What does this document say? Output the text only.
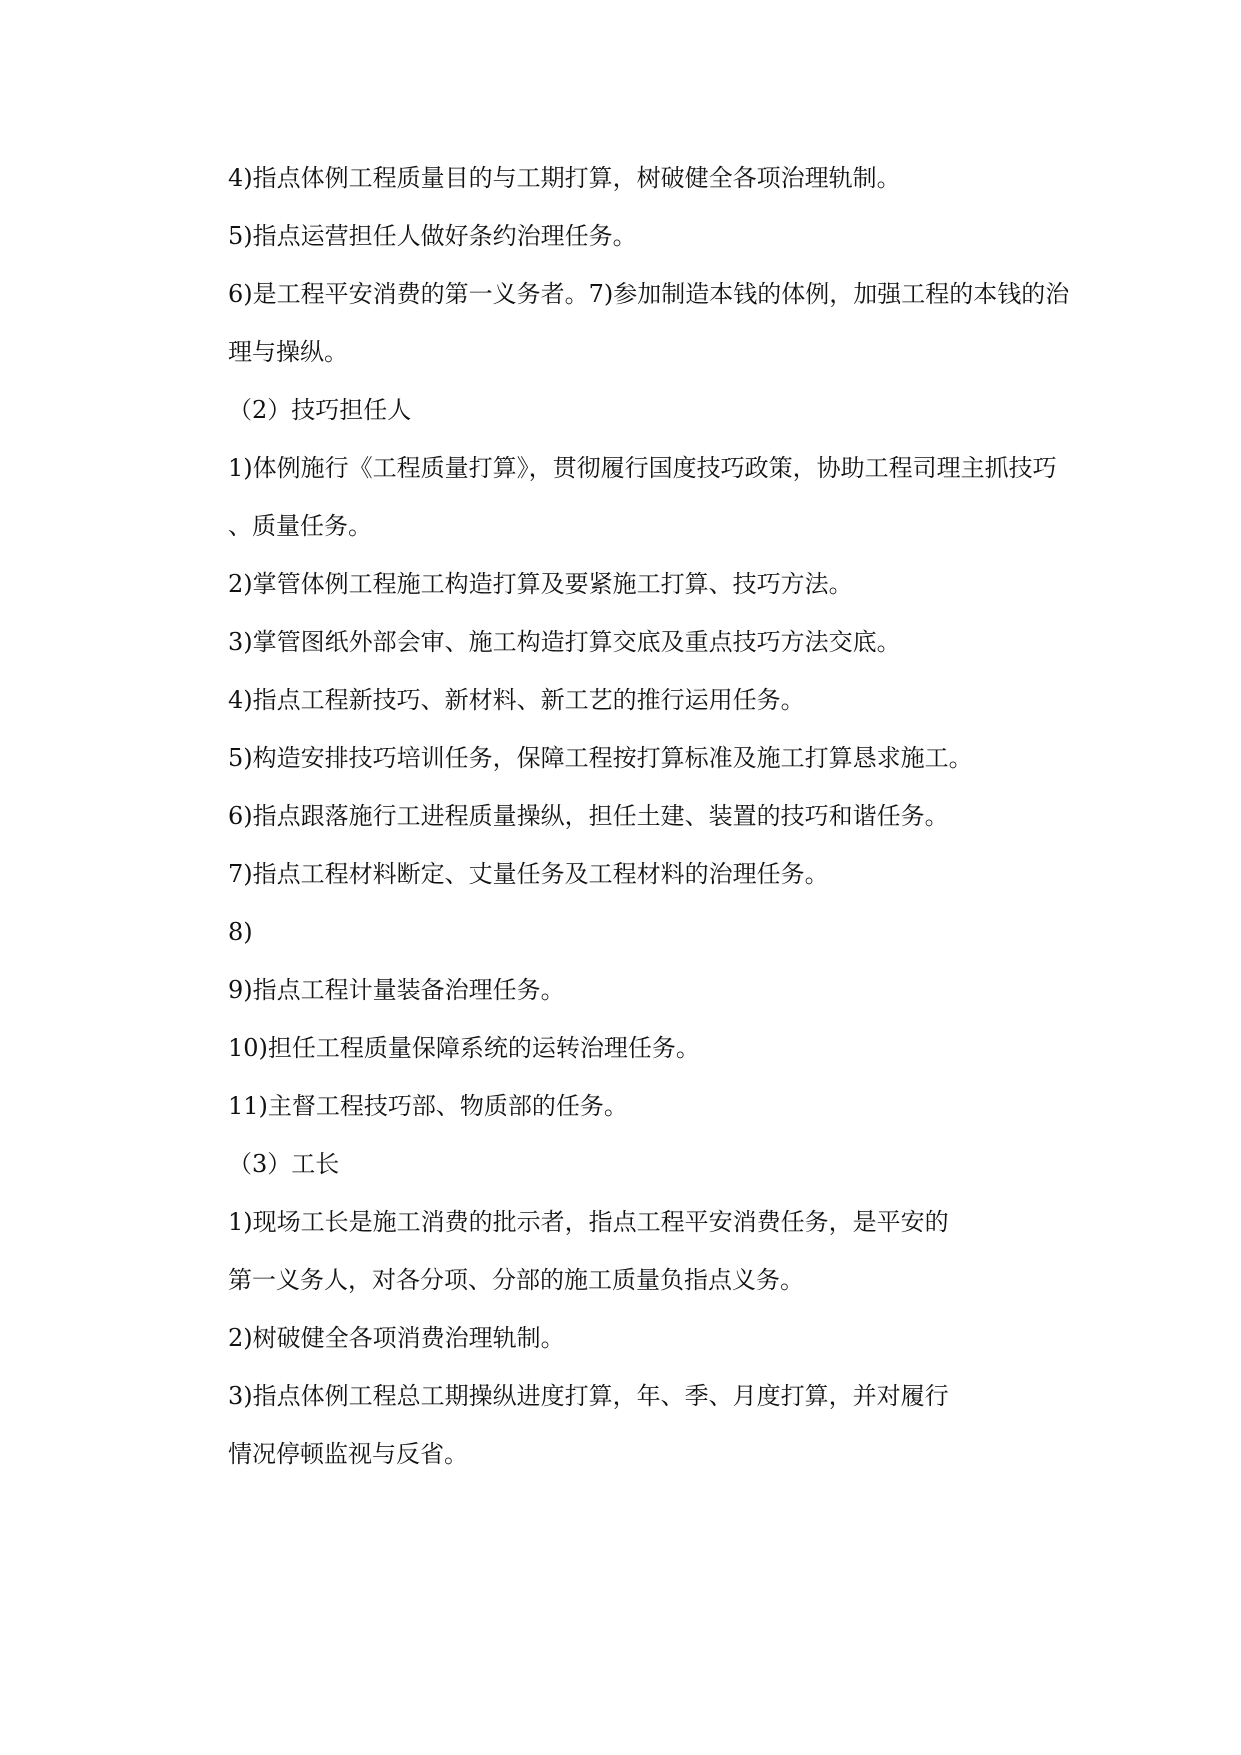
4)指点体例工程质量目的与工期打算，树破健全各项治理轨制。
5)指点运营担任人做好条约治理任务。
6)是工程平安消费的第一义务者。7)参加制造本钱的体例，加强工程的本钱的治
理与操纵。
（2）技巧担任人
1)体例施行《工程质量打算》，贯彻履行国度技巧政策，协助工程司理主抓技巧
、质量任务。
2)掌管体例工程施工构造打算及要紧施工打算、技巧方法。
3)掌管图纸外部会审、施工构造打算交底及重点技巧方法交底。
4)指点工程新技巧、新材料、新工艺的推行运用任务。
5)构造安排技巧培训任务，保障工程按打算标准及施工打算恳求施工。
6)指点跟落施行工进程质量操纵，担任土建、装置的技巧和谐任务。
7)指点工程材料断定、丈量任务及工程材料的治理任务。
8)
9)指点工程计量装备治理任务。
10)担任工程质量保障系统的运转治理任务。
11)主督工程技巧部、物质部的任务。
（3）工长
1)现场工长是施工消费的批示者，指点工程平安消费任务，是平安的
第一义务人，对各分项、分部的施工质量负指点义务。
2)树破健全各项消费治理轨制。
3)指点体例工程总工期操纵进度打算，年、季、月度打算，并对履行
情况停顿监视与反省。
